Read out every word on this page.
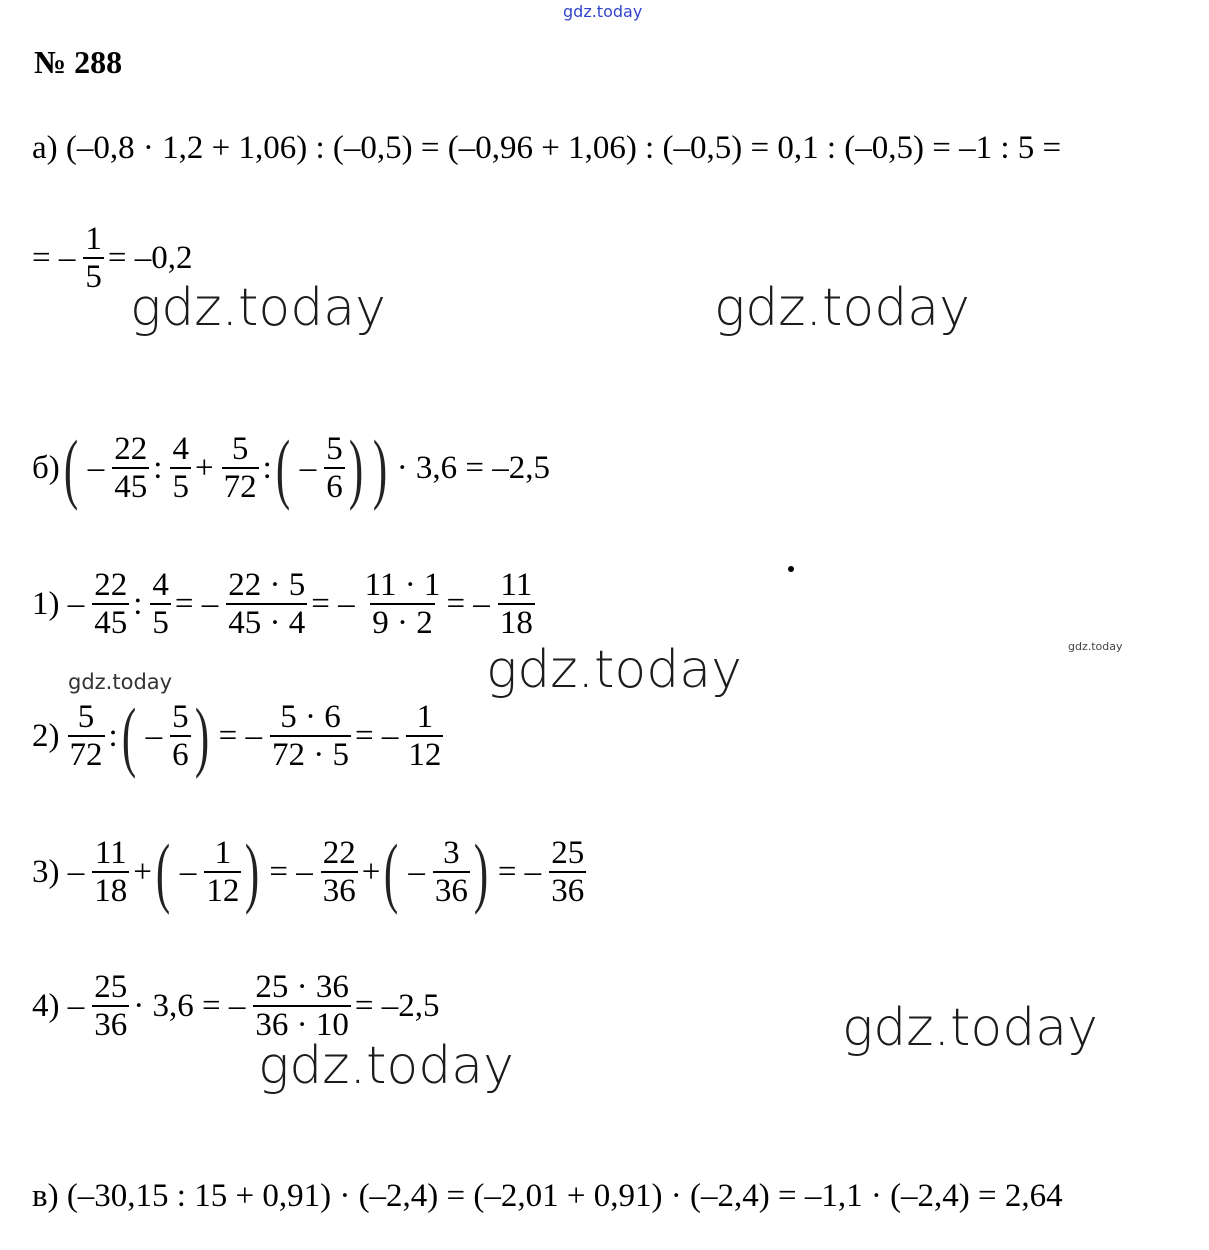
gdz.today
№ 288
а) (–0,8 · 1,2 + 1,06) : (–0,5) = (–0,96 + 1,06) : (–0,5) = 0,1 : (–0,5) = –1 : 5 =
= – $\frac{1}{5} = -0,2$
gdz.today	gdz.today
б) ( – $\frac{22}{45}$ : $\frac{4}{5} + \frac{5}{72}$ : ( – $\frac{5}{6}$ ) ) · 3,6 = –2,5
$1) - \frac{22}{45}$ : $\frac{4}{5}$ = – $\frac{22 \cdot 5}{45 \cdot 4}$ = – $\frac{11 \cdot 1}{9 \cdot 2}$ = – $\frac{11}{18}$
gdz.today
gdz.today
gdz.today
$2) \frac{5}{72}$ : ( – $\frac{5}{6}$ ) = – $\frac{5 \cdot 6}{72 \cdot 5}$ = – $\frac{1}{12}$
$3) - \frac{11}{18}$ + ( – $\frac{1}{12}$ ) = – $\frac{22}{36}$ + ( – $\frac{3}{36}$ ) = – $\frac{25}{36}$
$4) - \frac{25}{36} \cdot 3,6$ = – $\frac{25 \cdot 36}{36 \cdot 10} = -2,5$	gdz.today
gdz.today
в) (–30,15 : 15 + 0,91) · (–2,4) = (–2,01 + 0,91) · (–2,4) = –1,1 · (–2,4) = 2,64
